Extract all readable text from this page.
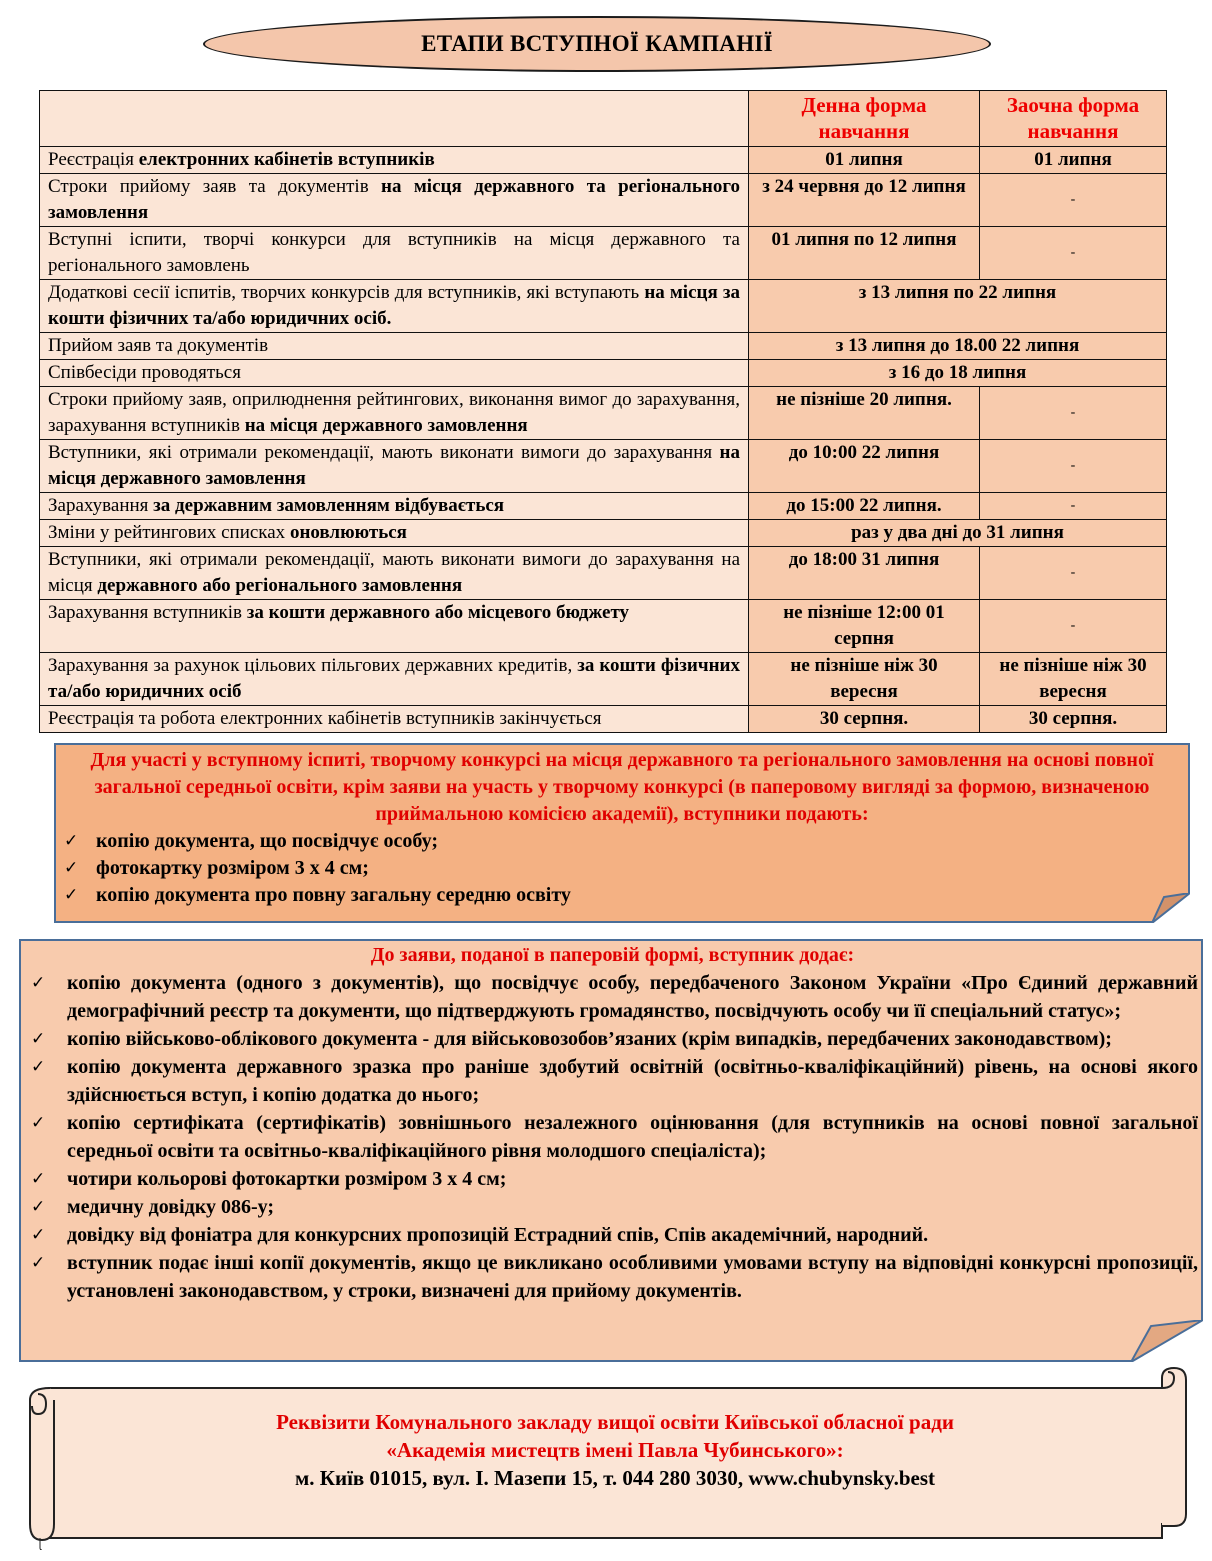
ЕТАПИ ВСТУПНОЇ КАМПАНІЇ
	Денна форма навчання	Заочна форма навчання
Реєстрація електронних кабінетів вступників	01 липня	01 липня
Строки прийому заяв та документів на місця державного та регіонального замовлення	з 24 червня до 12 липня	-

Вступні іспити, творчі конкурси для вступників на місця державного та регіонального замовлень	01 липня по 12 липня	-

Додаткові сесії іспитів, творчих конкурсів для вступників, які вступають на місця за кошти фізичних та/або юридичних осіб.	з 13 липня по 22 липня	
Прийом заяв та документів	з 13 липня до 18.00 22 липня	
Співбесіди проводяться	з 16 до 18 липня	
Строки прийому заяв, оприлюднення рейтингових, виконання вимог до зарахування, зарахування вступників на місця державного замовлення	не пізніше 20 липня.	-

Вступники, які отримали рекомендації, мають виконати вимоги до зарахування на місця державного замовлення	до 10:00 22 липня	-

Зарахування за державним замовленням відбувається	до 15:00 22 липня.	-

Зміни у рейтингових списках оновлюються	раз у два дні до 31 липня	
Вступники, які отримали рекомендації, мають виконати вимоги до зарахування на місця державного або регіонального замовлення	до 18:00 31 липня	-

Зарахування вступників за кошти державного або місцевого бюджету	не пізніше 12:00 01 серпня	-

Зарахування за рахунок цільових пільгових державних кредитів, за кошти фізичних та/або юридичних осіб	не пізніше ніж 30 вересня	не пізніше ніж 30 вересня
Реєстрація та робота електронних кабінетів вступників закінчується	30 серпня.	30 серпня.
Для участі у вступному іспиті, творчому конкурсі на місця державного та регіонального замовлення на основі повної загальної середньої освіти, крім заяви на участь у творчому конкурсі (в паперовому вигляді за формою, визначеною приймальною комісією академії), вступники подають:
✓ копію документа, що посвідчує особу;
✓ фотокартку розміром 3 х 4 см;
✓ копію документа про повну загальну середню освіту
До заяви, поданої в паперовій формі, вступник додає:
✓ копію документа (одного з документів), що посвідчує особу, передбаченого Законом України «Про Єдиний державний демографічний реєстр та документи, що підтверджують громадянство, посвідчують особу чи її спеціальний статус»;
✓ копію військово-облікового документа - для військовозобов’язаних (крім випадків, передбачених законодавством);
✓ копію документа державного зразка про раніше здобутий освітній (освітньо-кваліфікаційний) рівень, на основі якого здійснюється вступ, і копію додатка до нього;
✓ копію сертифіката (сертифікатів) зовнішнього незалежного оцінювання (для вступників на основі повної загальної середньої освіти та освітньо-кваліфікаційного рівня молодшого спеціаліста);
✓ чотири кольорові фотокартки розміром 3 х 4 см;
✓ медичну довідку 086-у;
✓ довідку від фоніатра для конкурсних пропозицій Естрадний спів, Спів академічний, народний.
✓ вступник подає інші копії документів, якщо це викликано особливими умовами вступу на відповідні конкурсні пропозиції, установлені законодавством, у строки, визначені для прийому документів.
Реквізити Комунального закладу вищої освіти Київської обласної ради
«Академія мистецтв імені Павла Чубинського»:
м. Київ 01015, вул. І. Мазепи 15, т. 044 280 3030, www.chubynsky.best
